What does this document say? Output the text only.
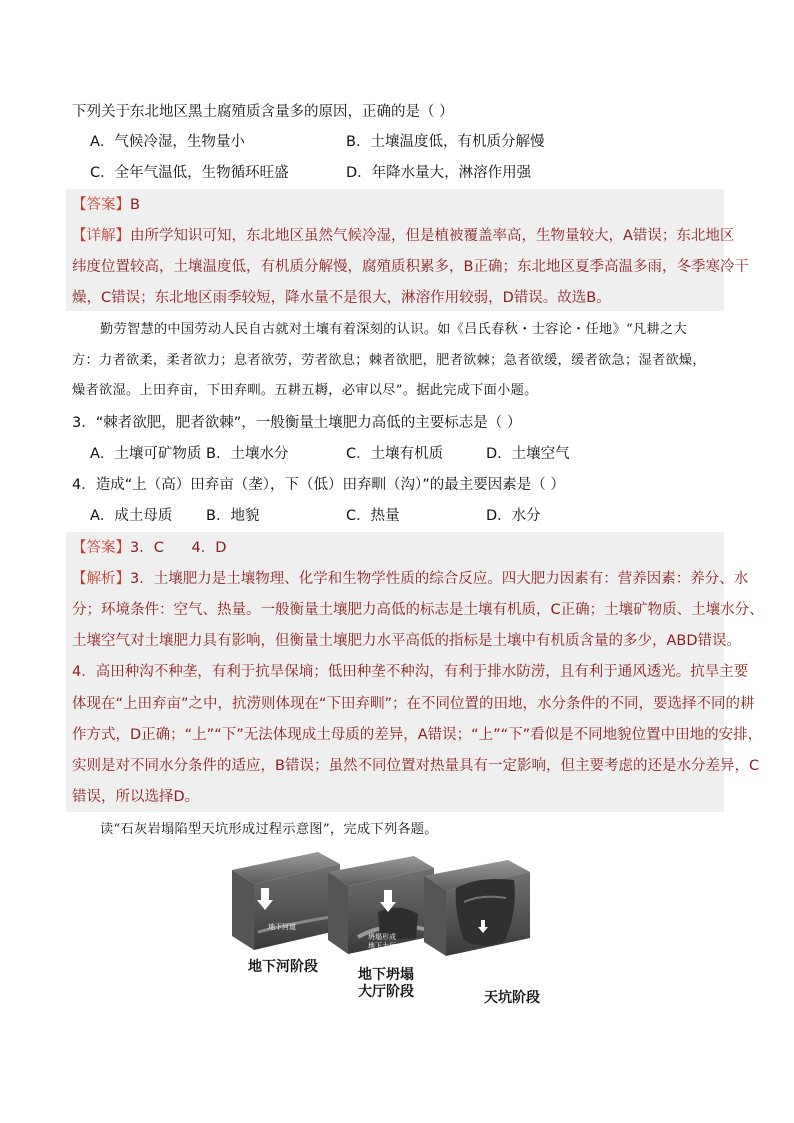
下列关于东北地区黑土腐殖质含量多的原因，正确的是（ ）
A．气候冷湿，生物量小	B．土壤温度低，有机质分解慢
C．全年气温低，生物循环旺盛	D．年降水量大，淋溶作用强
【答案】B
【详解】由所学知识可知，东北地区虽然气候冷湿，但是植被覆盖率高，生物量较大，A错误；东北地区
纬度位置较高，土壤温度低，有机质分解慢，腐殖质积累多，B正确；东北地区夏季高温多雨，冬季寒冷干
燥，C错误；东北地区雨季较短，降水量不是很大，淋溶作用较弱，D错误。故选B。
勤劳智慧的中国劳动人民自古就对土壤有着深刻的认识。如《吕氏春秋・士容论・任地》“凡耕之大
方：力者欲柔，柔者欲力；息者欲劳，劳者欲息；棘者欲肥，肥者欲棘；急者欲缓，缓者欲急；湿者欲燥，
燥者欲湿。上田弃亩，下田弃甽。五耕五耨，必审以尽”。据此完成下面小题。
3．“棘者欲肥，肥者欲棘”，一般衡量土壤肥力高低的主要标志是（ ）
A．土壤可矿物质 B．土壤水分	C．土壤有机质	D．土壤空气
4．造成“上（高）田弃亩（垄），下（低）田弃甽（沟）”的最主要因素是（ ）
A．成土母质 B．地貌	C．热量	D．水分
【答案】3．C      4．D
【解析】3．土壤肥力是土壤物理、化学和生物学性质的综合反应。四大肥力因素有：营养因素：养分、水
分；环境条件：空气、热量。一般衡量土壤肥力高低的标志是土壤有机质，C正确；土壤矿物质、土壤水分、
土壤空气对土壤肥力具有影响，但衡量土壤肥力水平高低的指标是土壤中有机质含量的多少，ABD错误。
4．高田种沟不种垄，有利于抗旱保墒；低田种垄不种沟，有利于排水防涝，且有利于通风透光。抗旱主要
体现在“上田弃亩”之中，抗涝则体现在“下田弃甽”；在不同位置的田地，水分条件的不同，要选择不同的耕
作方式，D正确；“上”“下”无法体现成土母质的差异，A错误；“上”“下”看似是不同地貌位置中田地的安排，
实则是对不同水分条件的适应，B错误；虽然不同位置对热量具有一定影响，但主要考虑的还是水分差异，C
错误，所以选择D。
读“石灰岩塌陷型天坑形成过程示意图”，完成下列各题。
地下河道
坍塌形成
地下大厅
地下河阶段	地下坍塌
大厅阶段	天坑阶段
